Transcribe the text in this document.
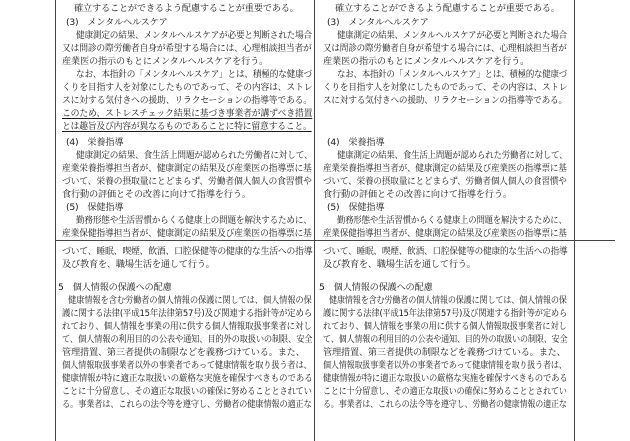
確立することができるよう配慮することが重要である。
(3)　メンタルヘルスケア
健康測定の結果、メンタルヘルスケアが必要と判断された場合
又は問診の際労働者自身が希望する場合には、心理相談担当者が
産業医の指示のもとにメンタルヘルスケアを行う。
なお、本指針の「メンタルヘルスケア」とは、積極的な健康づ
くりを目指す人を対象にしたものであって、その内容は、ストレ
スに対する気付きへの援助、リラクセーションの指導等である。
このため、ストレスチェック結果に基づき事業者が講ずべき措置
とは趣旨及び内容が異なるものであることに特に留意すること。
(4)　栄養指導
健康測定の結果、食生活上問題が認められた労働者に対して、
産業栄養指導担当者が、健康測定の結果及び産業医の指導票に基
づいて、栄養の摂取量にとどまらず、労働者個人個人の食習慣や
食行動の評価とその改善に向けて指導を行う。
(5)　保健指導
勤務形態や生活習慣からくる健康上の問題を解決するために、
産業保健指導担当者が、健康測定の結果及び産業医の指導票に基
づいて、睡眠、喫煙、飲酒、口腔保健等の健康的な生活への指導
及び教育を、職場生活を通して行う。
5　個人情報の保護への配慮
健康情報を含む労働者の個人情報の保護に関しては、個人情報の保
護に関する法律(平成15年法律第57号)及び関連する指針等が定めら
れており、個人情報を事業の用に供する個人情報取扱事業者に対し
て、個人情報の利用目的の公表や通知、目的外の取扱いの制限、安全
管理措置、第三者提供の制限などを義務づけている。また、
個人情報取扱事業者以外の事業者であって健康情報を取り扱う者は、
健康情報が特に適正な取扱いの厳格な実施を確保すべきものである
ことに十分留意し、その適正な取扱いの確保に努めることとされてい
る。事業者は、これらの法令等を遵守し、労働者の健康情報の適正な
確立することができるよう配慮することが重要である。
(3)　メンタルヘルスケア
健康測定の結果、メンタルヘルスケアが必要と判断された場合
又は問診の際労働者自身が希望する場合には、心理相談担当者が
産業医の指示のもとにメンタルヘルスケアを行う。
なお、本指針の「メンタルヘルスケア」とは、積極的な健康づ
くりを目指す人を対象にしたものであって、その内容は、ストレ
スに対する気付きへの援助、リラクセーションの指導等である。
(4)　栄養指導
健康測定の結果、食生活上問題が認められた労働者に対して、
産業栄養指導担当者が、健康測定の結果及び産業医の指導票に基
づいて、栄養の摂取量にとどまらず、労働者個人個人の食習慣や
食行動の評価とその改善に向けて指導を行う。
(5)　保健指導
勤務形態や生活習慣からくる健康上の問題を解決するために、
産業保健指導担当者が、健康測定の結果及び産業医の指導票に基
づいて、睡眠、喫煙、飲酒、口腔保健等の健康的な生活への指導
及び教育を、職場生活を通して行う。
5　個人情報の保護への配慮
健康情報を含む労働者の個人情報の保護に関しては、個人情報の保
護に関する法律(平成15年法律第57号)及び関連する指針等が定めら
れており、個人情報を事業の用に供する個人情報取扱事業者に対し
て、個人情報の利用目的の公表や通知、目的外の取扱いの制限、安全
管理措置、第三者提供の制限などを義務づけている。また、
個人情報取扱事業者以外の事業者であって健康情報を取り扱う者は、
健康情報が特に適正な取扱いの厳格な実施を確保すべきものである
ことに十分留意し、その適正な取扱いの確保に努めることとされてい
る。事業者は、これらの法令等を遵守し、労働者の健康情報の適正な
